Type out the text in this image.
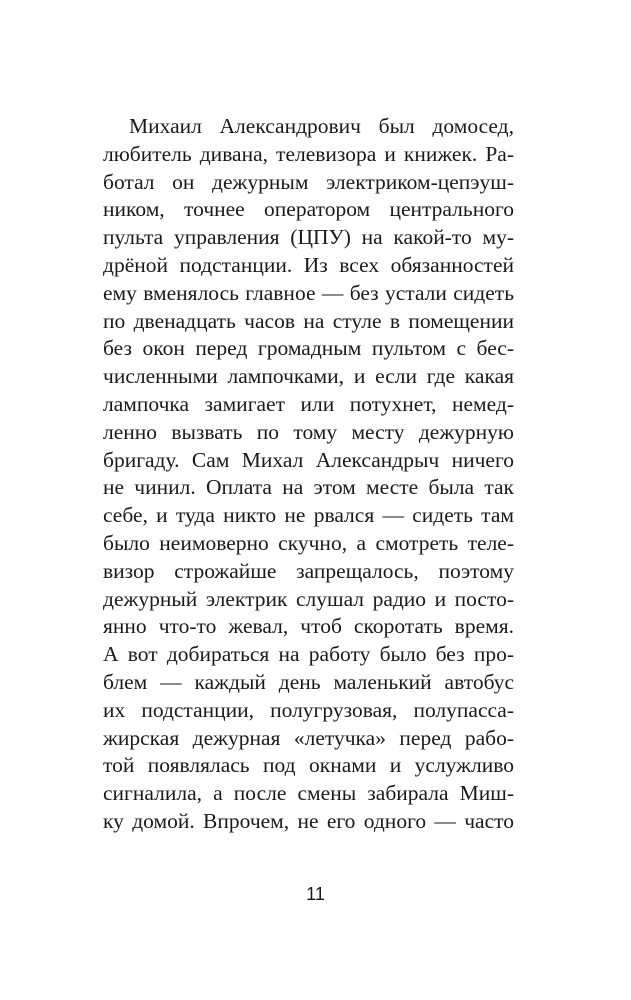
Михаил Александрович был домосед,
любитель дивана, телевизора и книжек. Ра-
ботал он дежурным электриком-цепэуш-
ником, точнее оператором центрального
пульта управления (ЦПУ) на какой-то му-
дрёной подстанции. Из всех обязанностей
ему вменялось главное — без устали сидеть
по двенадцать часов на стуле в помещении
без окон перед громадным пультом с бес-
численными лампочками, и если где какая
лампочка замигает или потухнет, немед-
ленно вызвать по тому месту дежурную
бригаду. Сам Михал Александрыч ничего
не чинил. Оплата на этом месте была так
себе, и туда никто не рвался — сидеть там
было неимоверно скучно, а смотреть теле-
визор строжайше запрещалось, поэтому
дежурный электрик слушал радио и посто-
янно что-то жевал, чтоб скоротать время.
А вот добираться на работу было без про-
блем — каждый день маленький автобус
их подстанции, полугрузовая, полупасса-
жирская дежурная «летучка» перед рабо-
той появлялась под окнами и услужливо
сигналила, а после смены забирала Миш-
ку домой. Впрочем, не его одного — часто
11
